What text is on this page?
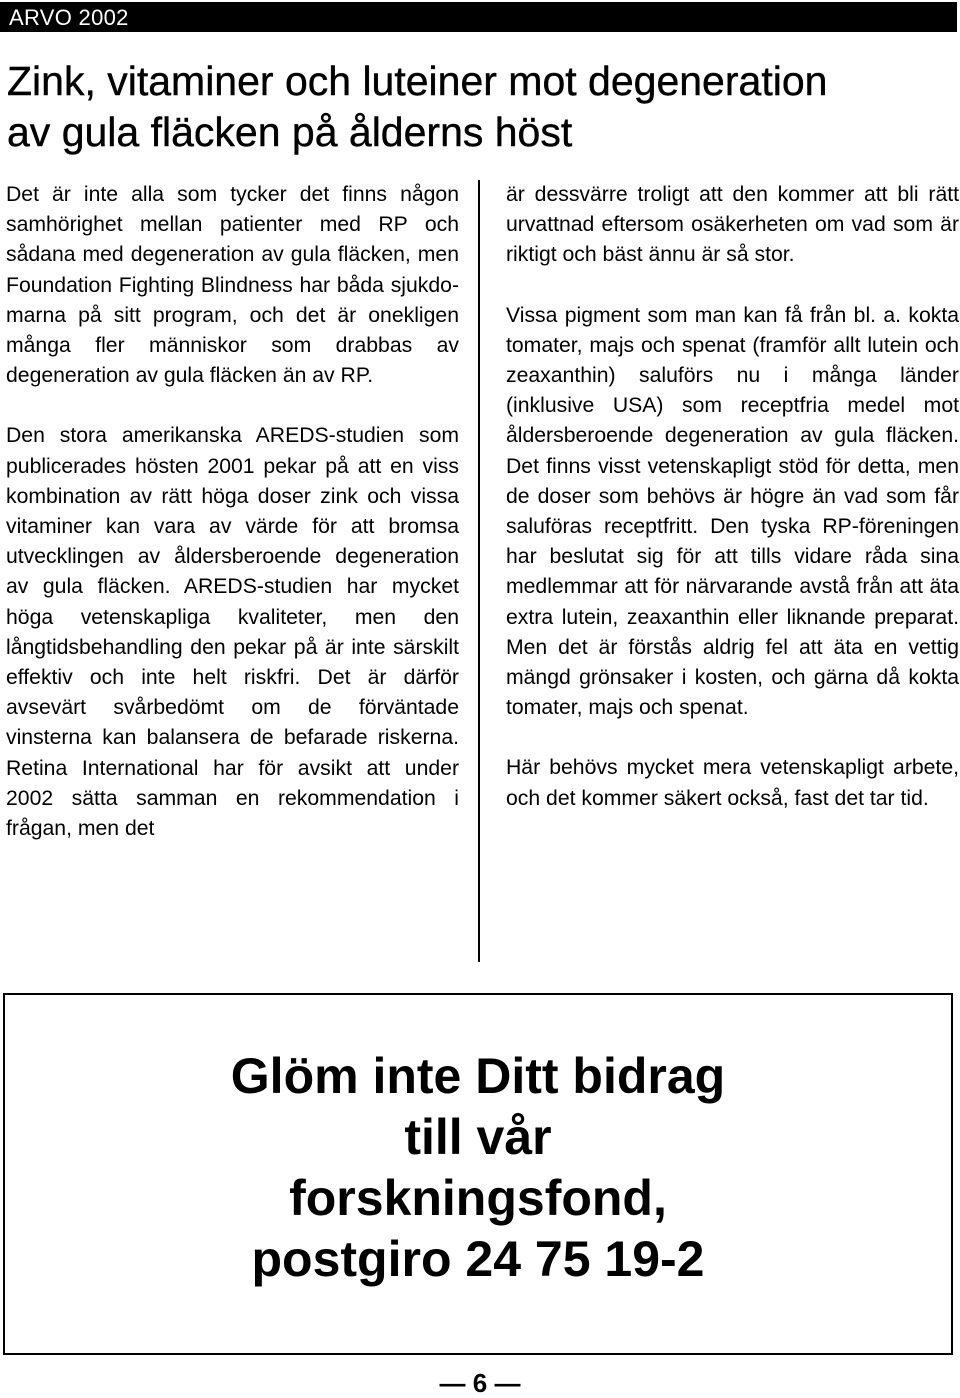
ARVO 2002
Zink, vitaminer och luteiner mot degeneration
av gula fläcken på ålderns höst

Det är inte alla som tycker det finns någon samhörighet mellan patienter med RP och sådana med degeneration av gula fläcken, men Foundation Fighting Blindness har båda sjukdomarna på sitt program, och det är onekligen många fler människor som drabbas av degeneration av gula fläcken än av RP.

Den stora amerikanska AREDS-studien som publicerades hösten 2001 pekar på att en viss kombination av rätt höga doser zink och vissa vitaminer kan vara av värde för att bromsa utvecklingen av åldersberoende degeneration av gula fläcken. AREDS-studien har mycket höga vetenskapliga kvaliteter, men den långtidsbehandling den pekar på är inte särskilt effektiv och inte helt riskfri. Det är därför avsevärt svårbedömt om de förväntade vinsterna kan balansera de befarade riskerna. Retina International har för avsikt att under 2002 sätta samman en rekommendation i frågan, men det

är dessvärre troligt att den kommer att bli rätt urvattnad eftersom osäkerheten om vad som är riktigt och bäst ännu är så stor.

Vissa pigment som man kan få från bl. a. kokta tomater, majs och spenat (framför allt lutein och zeaxanthin) saluförs nu i många länder (inklusive USA) som receptfria medel mot åldersberoende degeneration av gula fläcken. Det finns visst vetenskapligt stöd för detta, men de doser som behövs är högre än vad som får saluföras receptfritt. Den tyska RP-föreningen har beslutat sig för att tills vidare råda sina medlemmar att för närvarande avstå från att äta extra lutein, zeaxanthin eller liknande preparat. Men det är förstås aldrig fel att äta en vettig mängd grönsaker i kosten, och gärna då kokta tomater, majs och spenat.

Här behövs mycket mera vetenskapligt arbete, och det kommer säkert också, fast det tar tid.

Glöm inte Ditt bidrag
till vår
forskningsfond,
postgiro 24 75 19-2
— 6 —
